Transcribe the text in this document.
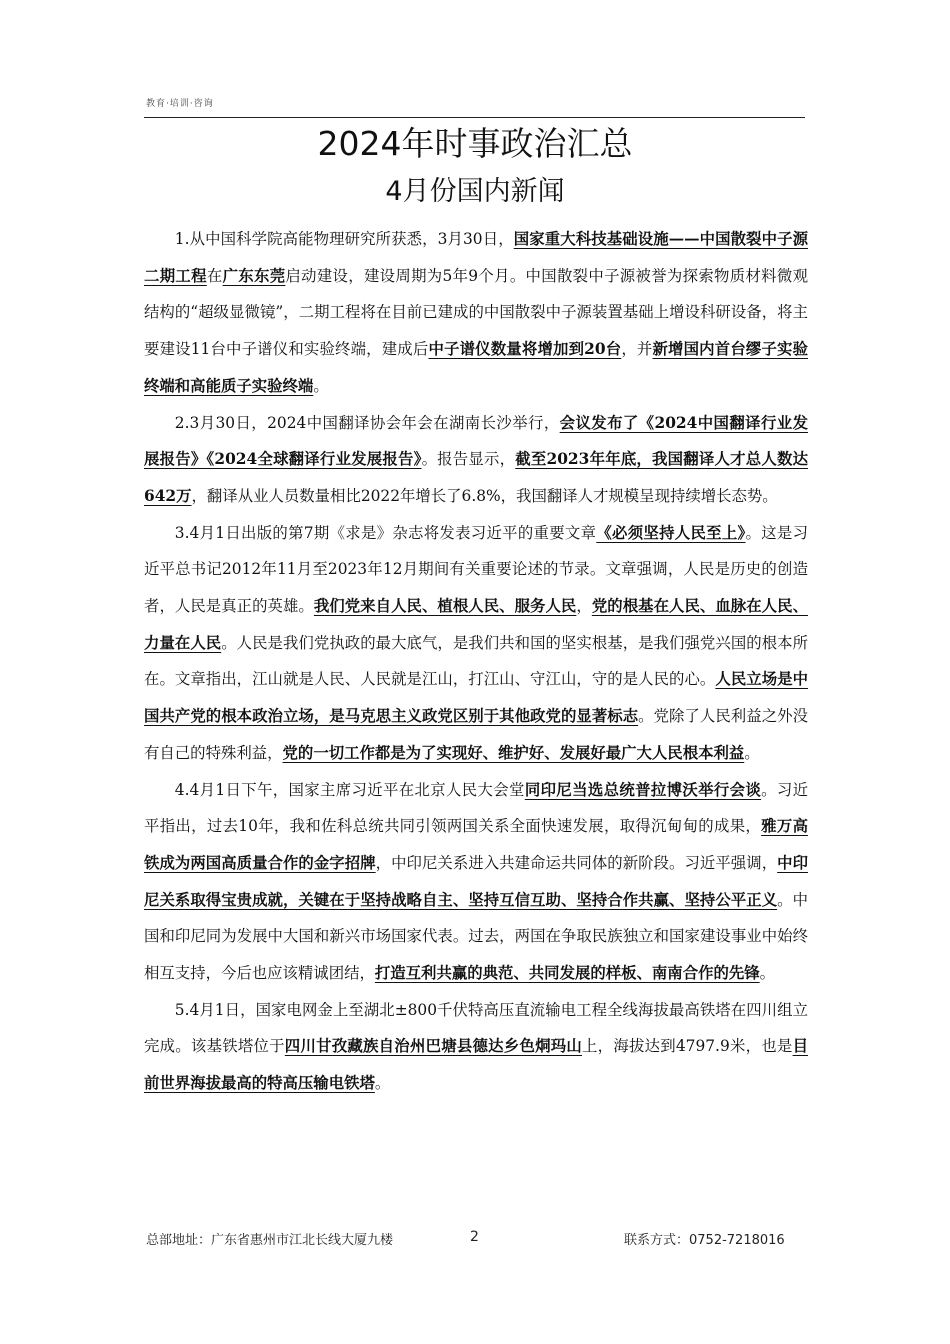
教育·培训·咨询
2024年时事政治汇总
4月份国内新闻

1.从中国科学院高能物理研究所获悉，3月30日，国家重大科技基础设施——中国散裂中子源二期工程在广东东莞启动建设，建设周期为5年9个月。中国散裂中子源被誉为探索物质材料微观结构的“超级显微镜”，二期工程将在目前已建成的中国散裂中子源装置基础上增设科研设备，将主要建设11台中子谱仪和实验终端，建成后中子谱仪数量将增加到20台，并新增国内首台缪子实验终端和高能质子实验终端。

2.3月30日，2024中国翻译协会年会在湖南长沙举行，会议发布了《2024中国翻译行业发展报告》《2024全球翻译行业发展报告》。报告显示，截至2023年年底，我国翻译人才总人数达642万，翻译从业人员数量相比2022年增长了6.8%，我国翻译人才规模呈现持续增长态势。

3.4月1日出版的第7期《求是》杂志将发表习近平的重要文章《必须坚持人民至上》。这是习近平总书记2012年11月至2023年12月期间有关重要论述的节录。文章强调，人民是历史的创造者，人民是真正的英雄。我们党来自人民、植根人民、服务人民，党的根基在人民、血脉在人民、力量在人民。人民是我们党执政的最大底气，是我们共和国的坚实根基，是我们强党兴国的根本所在。文章指出，江山就是人民、人民就是江山，打江山、守江山，守的是人民的心。人民立场是中国共产党的根本政治立场，是马克思主义政党区别于其他政党的显著标志。党除了人民利益之外没有自己的特殊利益，党的一切工作都是为了实现好、维护好、发展好最广大人民根本利益。

4.4月1日下午，国家主席习近平在北京人民大会堂同印尼当选总统普拉博沃举行会谈。习近平指出，过去10年，我和佐科总统共同引领两国关系全面快速发展，取得沉甸甸的成果，雅万高铁成为两国高质量合作的金字招牌，中印尼关系进入共建命运共同体的新阶段。习近平强调，中印尼关系取得宝贵成就，关键在于坚持战略自主、坚持互信互助、坚持合作共赢、坚持公平正义。中国和印尼同为发展中大国和新兴市场国家代表。过去，两国在争取民族独立和国家建设事业中始终相互支持，今后也应该精诚团结，打造互利共赢的典范、共同发展的样板、南南合作的先锋。

5.4月1日，国家电网金上至湖北±800千伏特高压直流输电工程全线海拔最高铁塔在四川组立完成。该基铁塔位于四川甘孜藏族自治州巴塘县德达乡色烔玛山上，海拔达到4797.9米，也是目前世界海拔最高的特高压输电铁塔。

总部地址：广东省惠州市江北长线大厦九楼	2	联系方式：0752-7218016
